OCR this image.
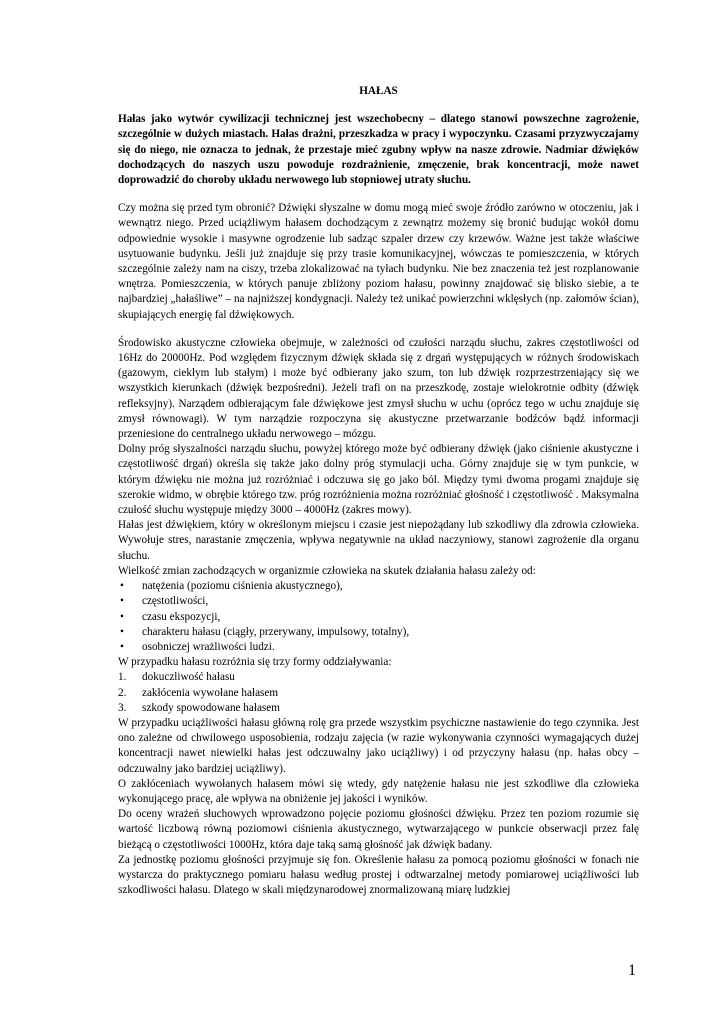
HAŁAS

Hałas jako wytwór cywilizacji technicznej jest wszechobecny – dlatego stanowi powszechne zagrożenie, szczególnie w dużych miastach. Hałas drażni, przeszkadza w pracy i wypoczynku. Czasami przyzwyczajamy się do niego, nie oznacza to jednak, że przestaje mieć zgubny wpływ na nasze zdrowie. Nadmiar dźwięków dochodzących do naszych uszu powoduje rozdrażnienie, zmęczenie, brak koncentracji, może nawet doprowadzić do choroby układu nerwowego lub stopniowej utraty słuchu.

Czy można się przed tym obronić? Dźwięki słyszalne w domu mogą mieć swoje źródło zarówno w otoczeniu, jak i wewnątrz niego. Przed uciążliwym hałasem dochodzącym z zewnątrz możemy się bronić budując wokół domu odpowiednie wysokie i masywne ogrodzenie lub sadząc szpaler drzew czy krzewów. Ważne jest także właściwe usytuowanie budynku. Jeśli już znajduje się przy trasie komunikacyjnej, wówczas te pomieszczenia, w których szczególnie zależy nam na ciszy, trzeba zlokalizować na tyłach budynku. Nie bez znaczenia też jest rozplanowanie wnętrza. Pomieszczenia, w których panuje zbliżony poziom hałasu, powinny znajdować się blisko siebie, a te najbardziej „hałaśliwe” – na najniższej kondygnacji. Należy też unikać powierzchni wklęsłych (np. załomów ścian), skupiających energię fal dźwiękowych.

Środowisko akustyczne człowieka obejmuje, w zależności od czułości narządu słuchu, zakres częstotliwości od 16Hz do 20000Hz. Pod względem fizycznym dźwięk składa się z drgań występujących w różnych środowiskach (gazowym, ciekłym lub stałym) i może być odbierany jako szum, ton lub dźwięk rozprzestrzeniający się we wszystkich kierunkach (dźwięk bezpośredni). Jeżeli trafi on na przeszkodę, zostaje wielokrotnie odbity (dźwięk refleksyjny). Narządem odbierającym fale dźwiękowe jest zmysł słuchu w uchu (oprócz tego w uchu znajduje się zmysł równowagi). W tym narządzie rozpoczyna się akustyczne przetwarzanie bodźców bądź informacji przeniesione do centralnego układu nerwowego – mózgu.

Dolny próg słyszalności narządu słuchu, powyżej którego może być odbierany dźwięk (jako ciśnienie akustyczne i częstotliwość drgań) określa się także jako dolny próg stymulacji ucha. Górny znajduje się w tym punkcie, w którym dźwięku nie można już rozróżniać i odczuwa się go jako ból. Między tymi dwoma progami znajduje się szerokie widmo, w obrębie którego tzw. próg rozróżnienia można rozróżniać głośność i częstotliwość . Maksymalna czułość słuchu występuje między 3000 – 4000Hz (zakres mowy).

Hałas jest dźwiękiem, który w określonym miejscu i czasie jest niepożądany lub szkodliwy dla zdrowia człowieka. Wywołuje stres, narastanie zmęczenia, wpływa negatywnie na układ naczyniowy, stanowi zagrożenie dla organu słuchu.

Wielkość zmian zachodzących w organizmie człowieka na skutek działania hałasu zależy od:

• natężenia (poziomu ciśnienia akustycznego),
• częstotliwości,
• czasu ekspozycji,
• charakteru hałasu (ciągły, przerywany, impulsowy, totalny),
• osobniczej wrażliwości ludzi.

W przypadku hałasu rozróżnia się trzy formy oddziaływania:

1. dokuczliwość hałasu
2. zakłócenia wywołane hałasem
3. szkody spowodowane hałasem

W przypadku uciążliwości hałasu główną rolę gra przede wszystkim psychiczne nastawienie do tego czynnika. Jest ono zależne od chwilowego usposobienia, rodzaju zajęcia (w razie wykonywania czynności wymagających dużej koncentracji nawet niewielki hałas jest odczuwalny jako uciążliwy) i od przyczyny hałasu (np. hałas obcy – odczuwalny jako bardziej uciążliwy).

O zakłóceniach wywołanych hałasem mówi się wtedy, gdy natężenie hałasu nie jest szkodliwe dla człowieka wykonującego pracę, ale wpływa na obniżenie jej jakości i wyników.

Do oceny wrażeń słuchowych wprowadzono pojęcie poziomu głośności dźwięku. Przez ten poziom rozumie się wartość liczbową równą poziomowi ciśnienia akustycznego, wytwarzającego w punkcie obserwacji przez falę bieżącą o częstotliwości 1000Hz, która daje taką samą głośność jak dźwięk badany.

Za jednostkę poziomu głośności przyjmuje się fon. Określenie hałasu za pomocą poziomu głośności w fonach nie wystarcza do praktycznego pomiaru hałasu według prostej i odtwarzalnej metody pomiarowej uciążliwości lub szkodliwości hałasu. Dlatego w skali międzynarodowej znormalizowaną miarę ludzkiej

1
